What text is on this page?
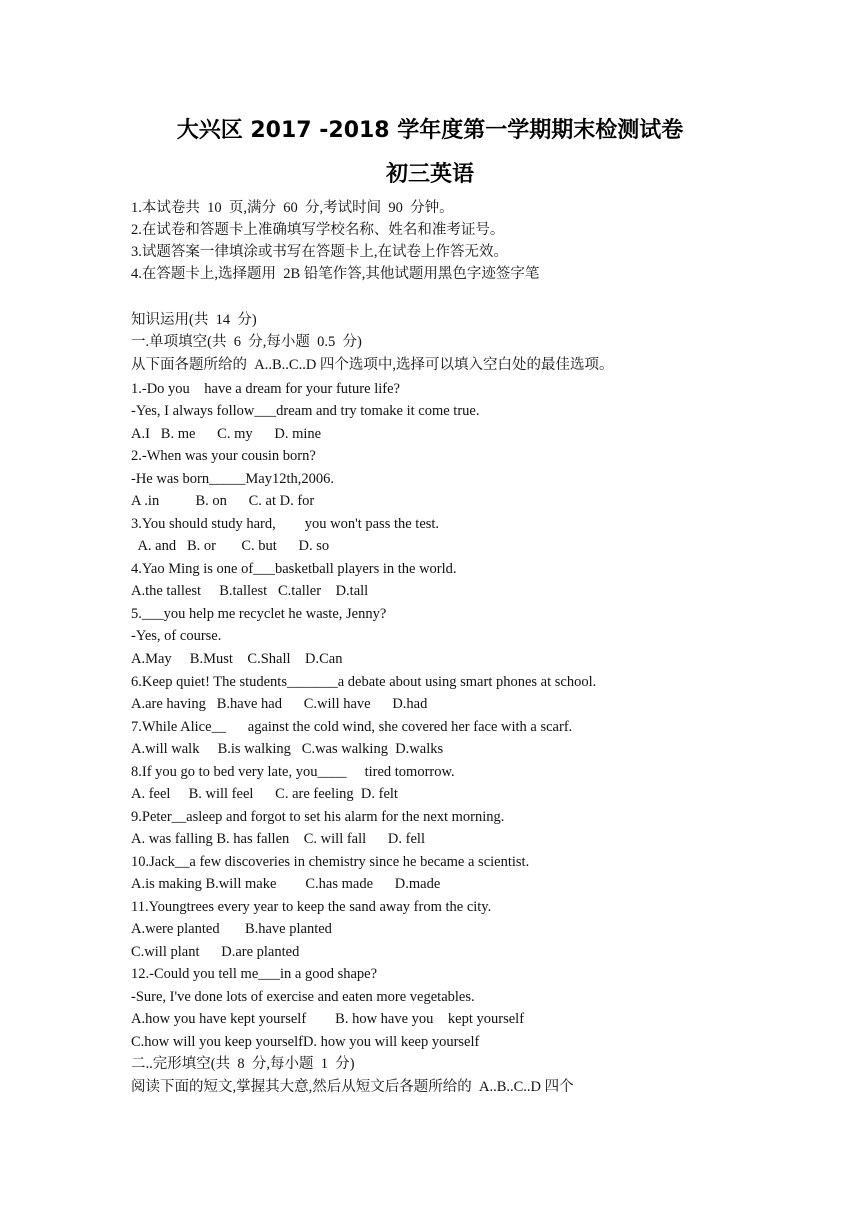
大兴区 2017 -2018 学年度第一学期期末检测试卷
初三英语
1.本试卷共  10  页,满分  60  分,考试时间  90  分钟。
2.在试卷和答题卡上准确填写学校名称、姓名和准考证号。
3.试题答案一律填涂或书写在答题卡上,在试卷上作答无效。
4.在答题卡上,选择题用  2B 铅笔作答,其他试题用黑色字迹签字笔
知识运用(共  14  分)
一.单项填空(共  6  分,每小题  0.5  分)
从下面各题所给的  A..B..C..D 四个选项中,选择可以填入空白处的最佳选项。
1.-Do you    have a dream for your future life?
-Yes, I always follow___dream and try tomake it come true.
A.I   B. me      C. my      D. mine
2.-When was your cousin born?
-He was born_____May12th,2006.
A .in          B. on      C. at D. for
3.You should study hard,        you won't pass the test.
A. and   B. or       C. but      D. so
4.Yao Ming is one of___basketball players in the world.
A.the tallest     B.tallest   C.taller    D.tall
5.___you help me recyclet he waste, Jenny?
-Yes, of course.
A.May     B.Must    C.Shall    D.Can
6.Keep quiet! The students_______a debate about using smart phones at school.
A.are having   B.have had      C.will have      D.had
7.While Alice__      against the cold wind, she covered her face with a scarf.
A.will walk     B.is walking   C.was walking  D.walks
8.If you go to bed very late, you____     tired tomorrow.
A. feel     B. will feel      C. are feeling  D. felt
9.Peter__asleep and forgot to set his alarm for the next morning.
A. was falling B. has fallen    C. will fall      D. fell
10.Jack__a few discoveries in chemistry since he became a scientist.
A.is making B.will make        C.has made      D.made
11.Youngtrees every year to keep the sand away from the city.
A.were planted       B.have planted
C.will plant      D.are planted
12.-Could you tell me___in a good shape?
-Sure, I've done lots of exercise and eaten more vegetables.
A.how you have kept yourself        B. how have you    kept yourself
C.how will you keep yourselfD. how you will keep yourself
二..完形填空(共  8  分,每小题  1  分)
阅读下面的短文,掌握其大意,然后从短文后各题所给的  A..B..C..D 四个
